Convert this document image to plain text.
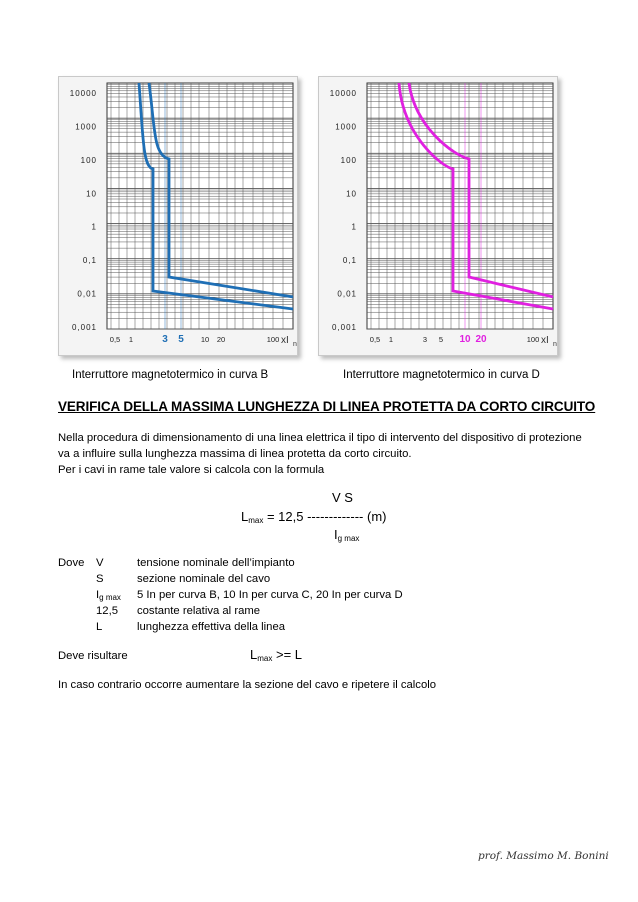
10000
1000
100
10
1
0,1
0,01
0,001
0,5 1	3 5 10 20	100 xI n
10000
1000
100
10
1
0,1
0,01
0,001
0,5 1	3 5 10 20	100 xI n
Interruttore magnetotermico in curva B	Interruttore magnetotermico in curva D
VERIFICA DELLA MASSIMA LUNGHEZZA DI LINEA PROTETTA DA CORTO CIRCUITO
Nella procedura di dimensionamento di una linea elettrica il tipo di intervento del dispositivo di protezione
va a influire sulla lunghezza massima di linea protetta da corto circuito.
Per i cavi in rame tale valore si calcola con la formula
V S
$L_{max} = 12,5$ ------------- (m)
$I_{g max}$
Dove V	tensione nominale dell’impianto
S	sezione nominale del cavo
$I_{g max}$ 5 In per curva B, 10 In per curva C, 20 In per curva D
12,5 costante relativa al rame
L	lunghezza effettiva della linea
Deve risultare	$L_{max} >= L$
In caso contrario occorre aumentare la sezione del cavo e ripetere il calcolo
prof. Massimo M. Bonini
